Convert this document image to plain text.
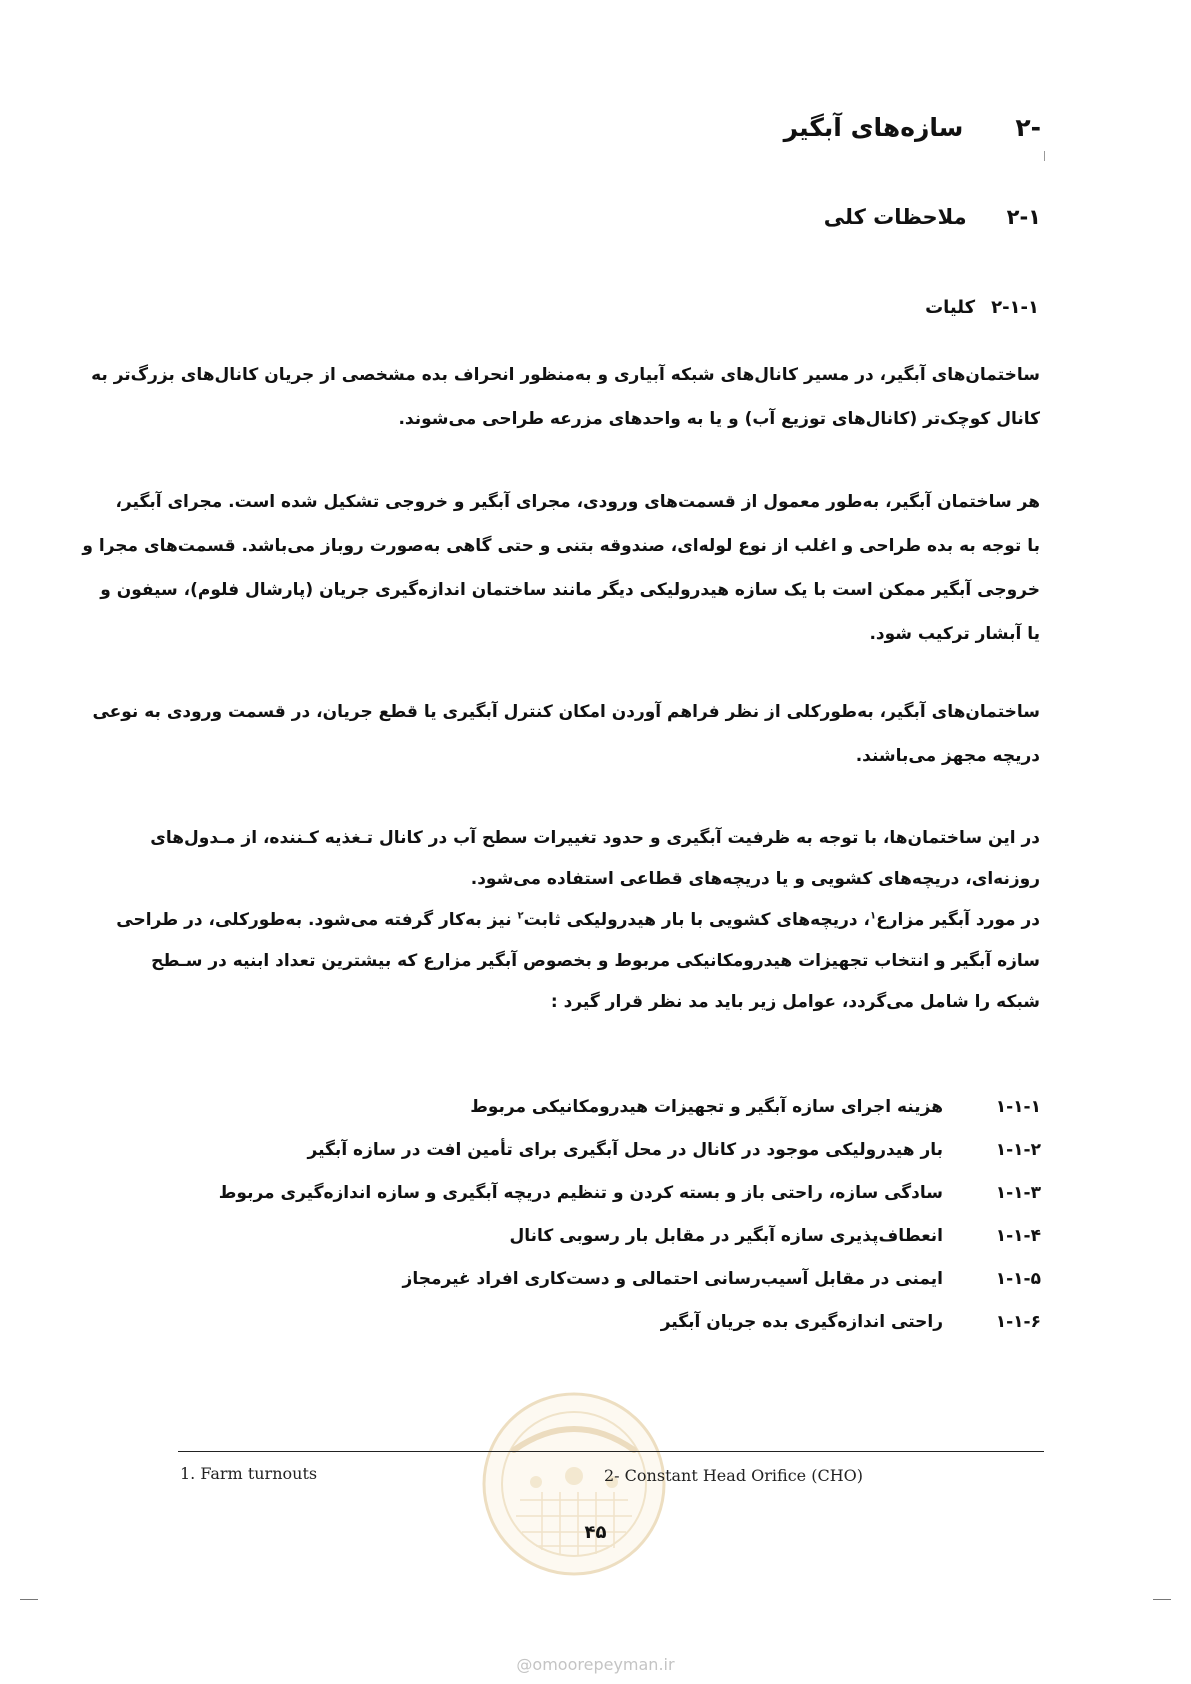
-۲سازه‌های آبگیر
۲-۱ملاحظات کلی
۲-۱-۱کلیات
ساختمان‌های آبگیر، در مسیر کانال‌های شبکه آبیاری و به‌منظور انحراف بده مشخصی از جریان کانال‌های بزرگ‌تر به
کانال کوچک‌تر (کانال‌های توزیع آب) و یا به واحدهای مزرعه طراحی می‌شوند.
هر ساختمان آبگیر، به‌طور معمول از قسمت‌های ورودی، مجرای آبگیر و خروجی تشکیل شده است. مجرای آبگیر،
با توجه به بده طراحی و اغلب از نوع لوله‌ای، صندوقه بتنی و حتی گاهی به‌صورت روباز می‌باشد. قسمت‌های مجرا و
خروجی آبگیر ممکن است با یک سازه هیدرولیکی دیگر مانند ساختمان اندازه‌گیری جریان (پارشال فلوم)، سیفون و
یا آبشار ترکیب شود.
ساختمان‌های آبگیر، به‌طورکلی از نظر فراهم آوردن امکان کنترل آبگیری یا قطع جریان، در قسمت ورودی به نوعی
دریچه مجهز می‌باشند.
در این ساختمان‌ها، با توجه به ظرفیت آبگیری و حدود تغییرات سطح آب در کانال تـغذیه کـننده، از مـدول‌های
روزنه‌ای، دریچه‌های کشویی و یا دریچه‌های قطاعی استفاده می‌شود.
در مورد آبگیر مزارع$^۱$، دریچه‌های کشویی با بار هیدرولیکی ثابت$^۲$ نیز به‌کار گرفته می‌شود. به‌طورکلی، در طراحی
سازه آبگیر و انتخاب تجهیزات هیدرومکانیکی مربوط و بخصوص آبگیر مزارع که بیشترین تعداد ابنیه در سـطح
شبکه را شامل می‌گردد، عوامل زیر باید مد نظر قرار گیرد :
۱-۱-۱هزینه اجرای سازه آبگیر و تجهیزات هیدرومکانیکی مربوط
۱-۱-۲بار هیدرولیکی موجود در کانال در محل آبگیری برای تأمین افت در سازه آبگیر
۱-۱-۳سادگی سازه، راحتی باز و بسته کردن و تنظیم دریچه آبگیری و سازه اندازه‌گیری مربوط
۱-۱-۴انعطاف‌پذیری سازه آبگیر در مقابل بار رسوبی کانال
۱-۱-۵ایمنی در مقابل آسیب‌رسانی احتمالی و دست‌کاری افراد غیرمجاز
۱-۱-۶راحتی اندازه‌گیری بده جریان آبگیر
1. Farm turnouts	2- Constant Head Orifice (CHO)
۴۵
@omoorepeyman.ir
